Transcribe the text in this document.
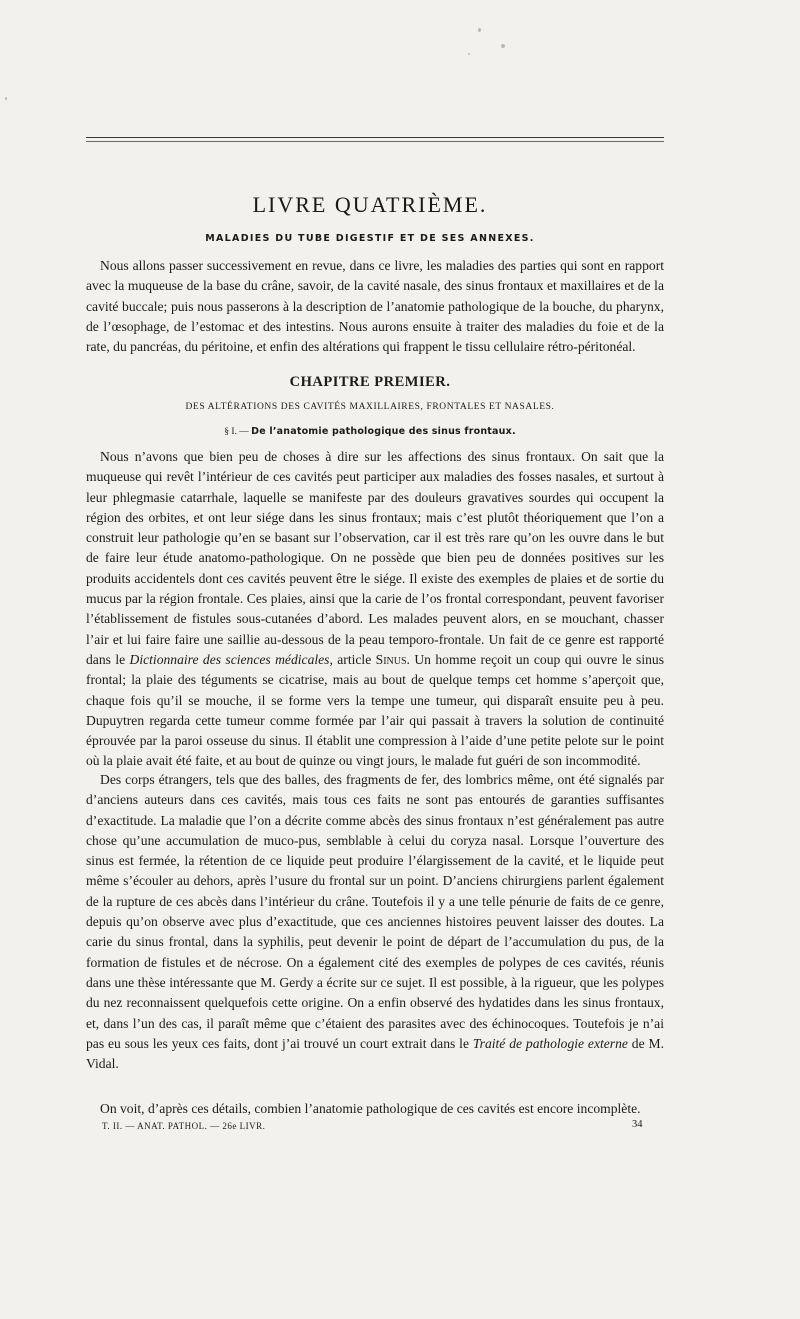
LIVRE QUATRIÈME.
MALADIES DU TUBE DIGESTIF ET DE SES ANNEXES.

Nous allons passer successivement en revue, dans ce livre, les maladies des parties qui sont en rapport avec la muqueuse de la base du crâne, savoir, de la cavité nasale, des sinus frontaux et maxillaires et de la cavité buccale; puis nous passerons à la description de l’anatomie pathologique de la bouche, du pharynx, de l’œsophage, de l’estomac et des intestins. Nous aurons ensuite à traiter des maladies du foie et de la rate, du pancréas, du péritoine, et enfin des altérations qui frappent le tissu cellulaire rétro-péritonéal.

CHAPITRE PREMIER.
DES ALTÉRATIONS DES CAVITÉS MAXILLAIRES, FRONTALES ET NASALES.
§ I. — De l’anatomie pathologique des sinus frontaux.

Nous n’avons que bien peu de choses à dire sur les affections des sinus frontaux. On sait que la muqueuse qui revêt l’intérieur de ces cavités peut participer aux maladies des fosses nasales, et surtout à leur phlegmasie catarrhale, laquelle se manifeste par des douleurs gravatives sourdes qui occupent la région des orbites, et ont leur siége dans les sinus frontaux; mais c’est plutôt théoriquement que l’on a construit leur pathologie qu’en se basant sur l’observation, car il est très rare qu’on les ouvre dans le but de faire leur étude anatomo-pathologique. On ne possède que bien peu de données positives sur les produits accidentels dont ces cavités peuvent être le siége. Il existe des exemples de plaies et de sortie du mucus par la région frontale. Ces plaies, ainsi que la carie de l’os frontal correspondant, peuvent favoriser l’établissement de fistules sous-cutanées d’abord. Les malades peuvent alors, en se mouchant, chasser l’air et lui faire faire une saillie au-dessous de la peau temporo-frontale. Un fait de ce genre est rapporté dans le Dictionnaire des sciences médicales, article Sinus. Un homme reçoit un coup qui ouvre le sinus frontal; la plaie des téguments se cicatrise, mais au bout de quelque temps cet homme s’aperçoit que, chaque fois qu’il se mouche, il se forme vers la tempe une tumeur, qui disparaît ensuite peu à peu. Dupuytren regarda cette tumeur comme formée par l’air qui passait à travers la solution de continuité éprouvée par la paroi osseuse du sinus. Il établit une compression à l’aide d’une petite pelote sur le point où la plaie avait été faite, et au bout de quinze ou vingt jours, le malade fut guéri de son incommodité.

Des corps étrangers, tels que des balles, des fragments de fer, des lombrics même, ont été signalés par d’anciens auteurs dans ces cavités, mais tous ces faits ne sont pas entourés de garanties suffisantes d’exactitude. La maladie que l’on a décrite comme abcès des sinus frontaux n’est généralement pas autre chose qu’une accumulation de muco-pus, semblable à celui du coryza nasal. Lorsque l’ouverture des sinus est fermée, la rétention de ce liquide peut produire l’élargissement de la cavité, et le liquide peut même s’écouler au dehors, après l’usure du frontal sur un point. D’anciens chirurgiens parlent également de la rupture de ces abcès dans l’intérieur du crâne. Toutefois il y a une telle pénurie de faits de ce genre, depuis qu’on observe avec plus d’exactitude, que ces anciennes histoires peuvent laisser des doutes. La carie du sinus frontal, dans la syphilis, peut devenir le point de départ de l’accumulation du pus, de la formation de fistules et de nécrose. On a également cité des exemples de polypes de ces cavités, réunis dans une thèse intéressante que M. Gerdy a écrite sur ce sujet. Il est possible, à la rigueur, que les polypes du nez reconnaissent quelquefois cette origine. On a enfin observé des hydatides dans les sinus frontaux, et, dans l’un des cas, il paraît même que c’étaient des parasites avec des échinocoques. Toutefois je n’ai pas eu sous les yeux ces faits, dont j’ai trouvé un court extrait dans le Traité de pathologie externe de M. Vidal.

On voit, d’après ces détails, combien l’anatomie pathologique de ces cavités est encore incomplète.

T. II. — ANAT. PATHOL. — 26e LIVR.	34
